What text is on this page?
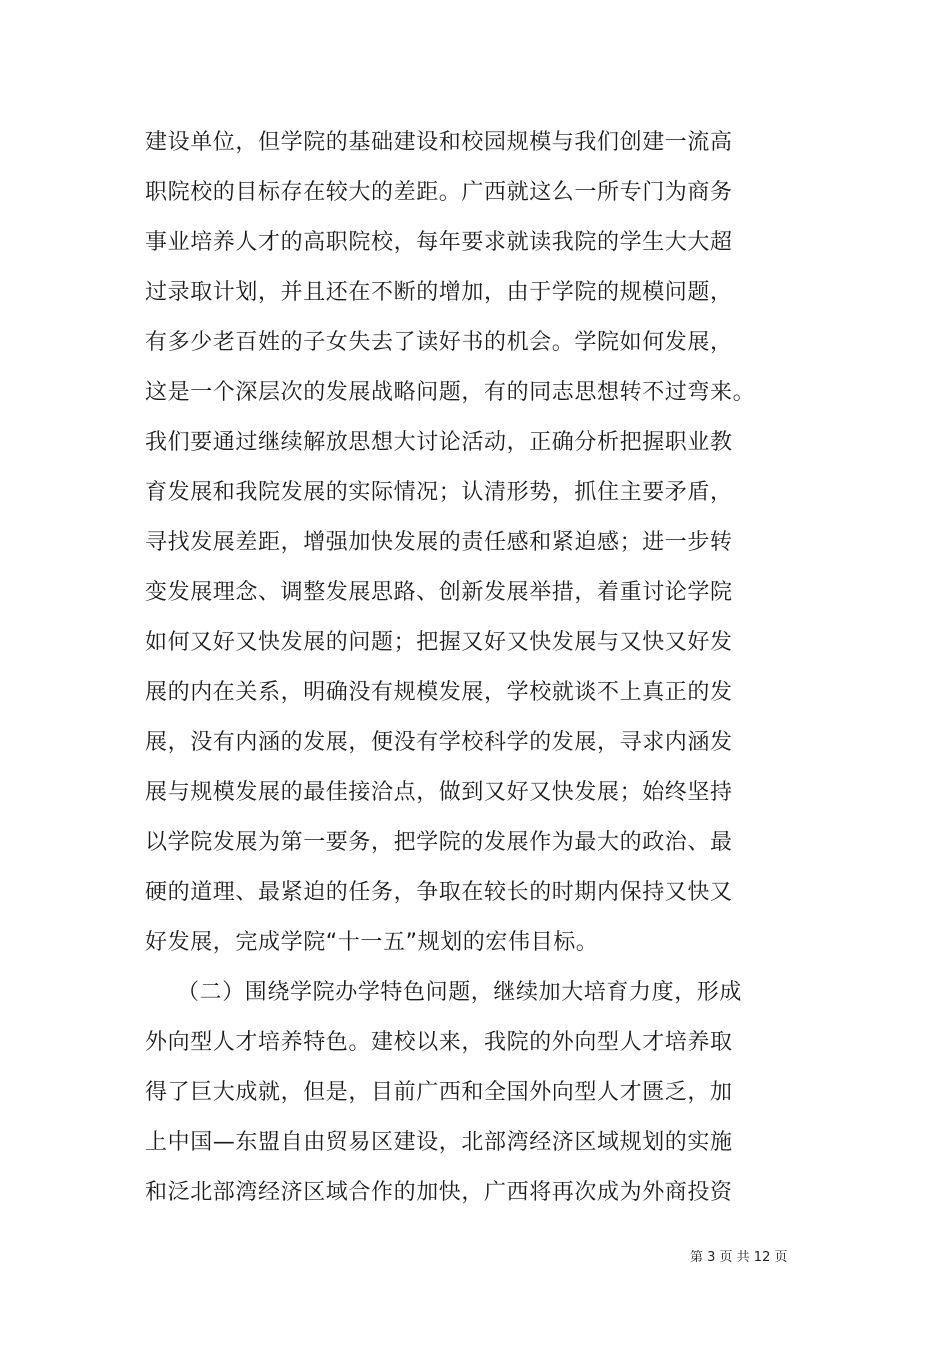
建设单位，但学院的基础建设和校园规模与我们创建一流高
职院校的目标存在较大的差距。广西就这么一所专门为商务
事业培养人才的高职院校，每年要求就读我院的学生大大超
过录取计划，并且还在不断的增加，由于学院的规模问题，
有多少老百姓的子女失去了读好书的机会。学院如何发展，
这是一个深层次的发展战略问题，有的同志思想转不过弯来。
我们要通过继续解放思想大讨论活动，正确分析把握职业教
育发展和我院发展的实际情况；认清形势，抓住主要矛盾，
寻找发展差距，增强加快发展的责任感和紧迫感；进一步转
变发展理念、调整发展思路、创新发展举措，着重讨论学院
如何又好又快发展的问题；把握又好又快发展与又快又好发
展的内在关系，明确没有规模发展，学校就谈不上真正的发
展，没有内涵的发展，便没有学校科学的发展，寻求内涵发
展与规模发展的最佳接洽点，做到又好又快发展；始终坚持
以学院发展为第一要务，把学院的发展作为最大的政治、最
硬的道理、最紧迫的任务，争取在较长的时期内保持又快又
好发展，完成学院“十一五”规划的宏伟目标。
（二）围绕学院办学特色问题，继续加大培育力度，形成
外向型人才培养特色。建校以来，我院的外向型人才培养取
得了巨大成就，但是，目前广西和全国外向型人才匮乏，加
上中国—东盟自由贸易区建设，北部湾经济区域规划的实施
和泛北部湾经济区域合作的加快，广西将再次成为外商投资
第 3 页 共 12 页
